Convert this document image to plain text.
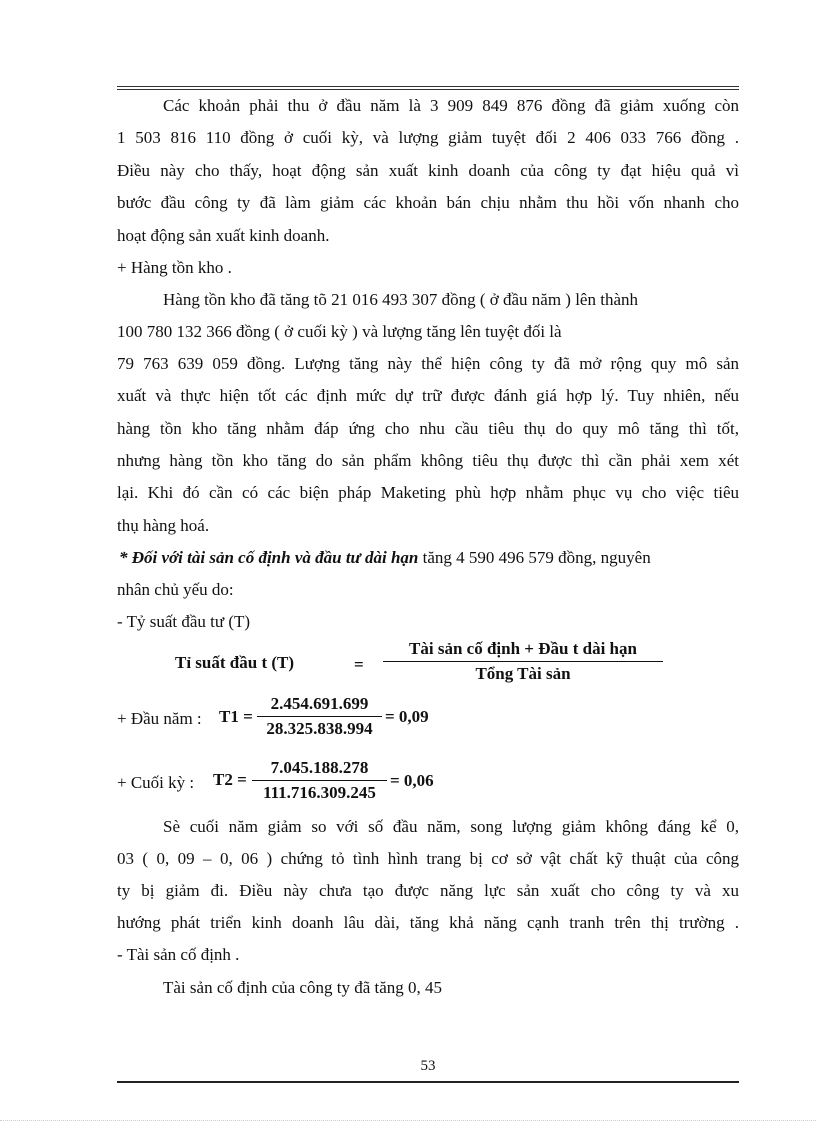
Các khoản phải thu ở đầu năm là 3 909 849 876 đồng đã giảm xuống còn
1 503 816 110 đồng ở cuối kỳ, và lượng giảm tuyệt đối 2 406 033 766 đồng .
Điều này cho thấy, hoạt động sản xuất kinh doanh của công ty đạt hiệu quả vì
bước đầu công ty đã làm giảm các khoản bán chịu nhằm thu hồi vốn nhanh cho
hoạt động sản xuất kinh doanh.
+ Hàng tồn kho .
Hàng tồn kho đã tăng tõ 21 016 493 307 đồng ( ở đầu năm ) lên thành
100 780 132 366 đồng ( ở cuối kỳ ) và lượng tăng lên tuyệt đối là
79 763 639 059 đồng. Lượng tăng này thể hiện công ty đã mở rộng quy mô sản
xuất và thực hiện tốt các định mức dự trữ được đánh giá hợp lý. Tuy nhiên, nếu
hàng tồn kho tăng nhằm đáp ứng cho nhu cầu tiêu thụ do quy mô tăng thì tốt,
nhưng hàng tồn kho tăng do sản phẩm không tiêu thụ được thì cần phải xem xét
lại. Khi đó cần có các biện pháp Maketing phù hợp nhằm phục vụ cho việc tiêu
thụ hàng hoá.
* Đối với tài sản cố định và đầu tư dài hạn tăng 4 590 496 579 đồng, nguyên
nhân chủ yếu do:
- Tỷ suất đầu tư (T)
Tỉ suất đầu t (T)	=
Tài sản cố định + Đầu t dài hạn
Tổng Tài sản
+ Đầu năm :	$T1 = \frac{2.454.691.699}{28.325.838.994} = 0,09$
+ Cuối kỳ :	$T2 = \frac{7.045.188.278}{111.716.309.245} = 0,06$
Sè cuối năm giảm so với số đầu năm, song lượng giảm không đáng kể 0,
03 ( 0, 09 – 0, 06 ) chứng tỏ tình hình trang bị cơ sở vật chất kỹ thuật của công
ty bị giảm đi. Điều này chưa tạo được năng lực sản xuất cho công ty và xu
hướng phát triển kinh doanh lâu dài, tăng khả năng cạnh tranh trên thị trường .
- Tài sản cố định .
Tài sản cố định của công ty đã tăng 0, 45
53
